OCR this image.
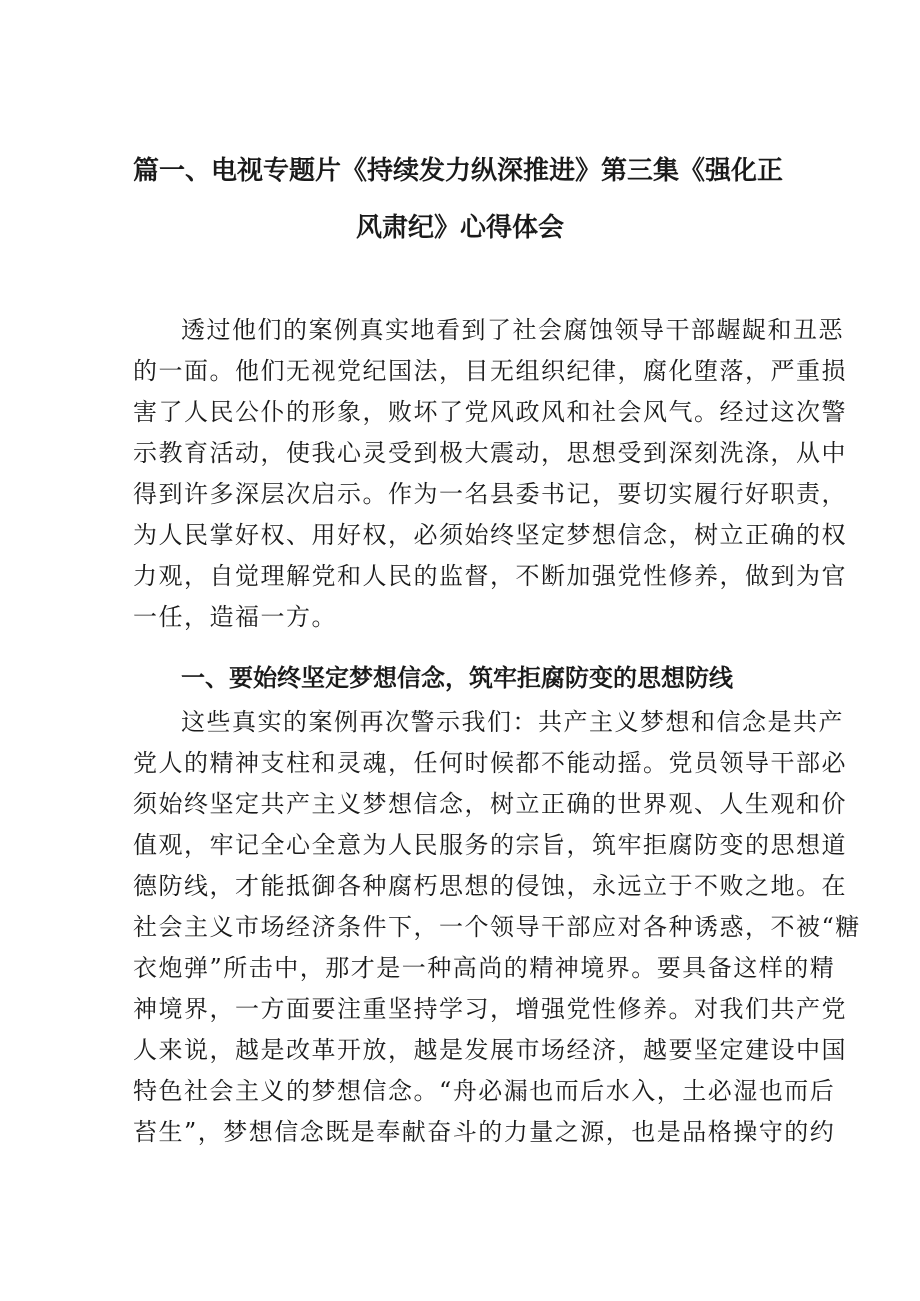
篇一、电视专题片《持续发力纵深推进》第三集《强化正
风肃纪》心得体会
透过他们的案例真实地看到了社会腐蚀领导干部龌龊和丑恶
的一面。他们无视党纪国法，目无组织纪律，腐化堕落，严重损
害了人民公仆的形象，败坏了党风政风和社会风气。经过这次警
示教育活动，使我心灵受到极大震动，思想受到深刻洗涤，从中
得到许多深层次启示。作为一名县委书记，要切实履行好职责，
为人民掌好权、用好权，必须始终坚定梦想信念，树立正确的权
力观，自觉理解党和人民的监督，不断加强党性修养，做到为官
一任，造福一方。
这些真实的案例再次警示我们：共产主义梦想和信念是共产
党人的精神支柱和灵魂，任何时候都不能动摇。党员领导干部必
须始终坚定共产主义梦想信念，树立正确的世界观、人生观和价
值观，牢记全心全意为人民服务的宗旨，筑牢拒腐防变的思想道
德防线，才能抵御各种腐朽思想的侵蚀，永远立于不败之地。在
社会主义市场经济条件下，一个领导干部应对各种诱惑，不被“糖
衣炮弹”所击中，那才是一种高尚的精神境界。要具备这样的精
神境界，一方面要注重坚持学习，增强党性修养。对我们共产党
人来说，越是改革开放，越是发展市场经济，越要坚定建设中国
特色社会主义的梦想信念。“舟必漏也而后水入，土必湿也而后
苔生”，梦想信念既是奉献奋斗的力量之源，也是品格操守的约
一、要始终坚定梦想信念，筑牢拒腐防变的思想防线
